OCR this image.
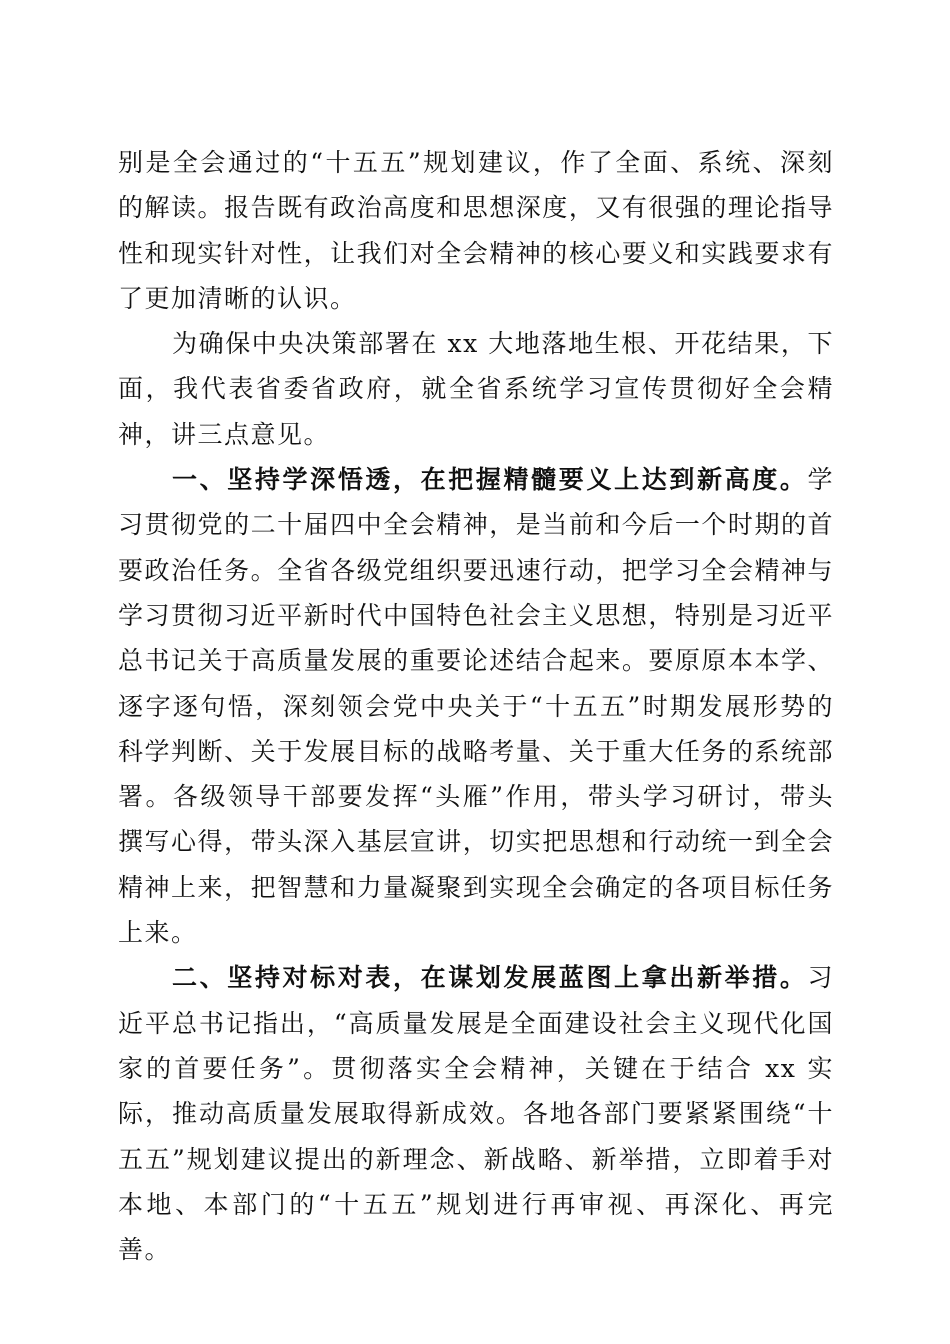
别是全会通过的“十五五”规划建议，作了全面、系统、深刻的解读。报告既有政治高度和思想深度，又有很强的理论指导性和现实针对性，让我们对全会精神的核心要义和实践要求有了更加清晰的认识。

为确保中央决策部署在 xx 大地落地生根、开花结果，下面，我代表省委省政府，就全省系统学习宣传贯彻好全会精神，讲三点意见。

一、坚持学深悟透，在把握精髓要义上达到新高度。学习贯彻党的二十届四中全会精神，是当前和今后一个时期的首要政治任务。全省各级党组织要迅速行动，把学习全会精神与学习贯彻习近平新时代中国特色社会主义思想，特别是习近平总书记关于高质量发展的重要论述结合起来。要原原本本学、逐字逐句悟，深刻领会党中央关于“十五五”时期发展形势的科学判断、关于发展目标的战略考量、关于重大任务的系统部署。各级领导干部要发挥“头雁”作用，带头学习研讨，带头撰写心得，带头深入基层宣讲，切实把思想和行动统一到全会精神上来，把智慧和力量凝聚到实现全会确定的各项目标任务上来。

二、坚持对标对表，在谋划发展蓝图上拿出新举措。习近平总书记指出，“高质量发展是全面建设社会主义现代化国家的首要任务”。贯彻落实全会精神，关键在于结合 xx 实际，推动高质量发展取得新成效。各地各部门要紧紧围绕“十五五”规划建议提出的新理念、新战略、新举措，立即着手对本地、本部门的“十五五”规划进行再审视、再深化、再完善。
